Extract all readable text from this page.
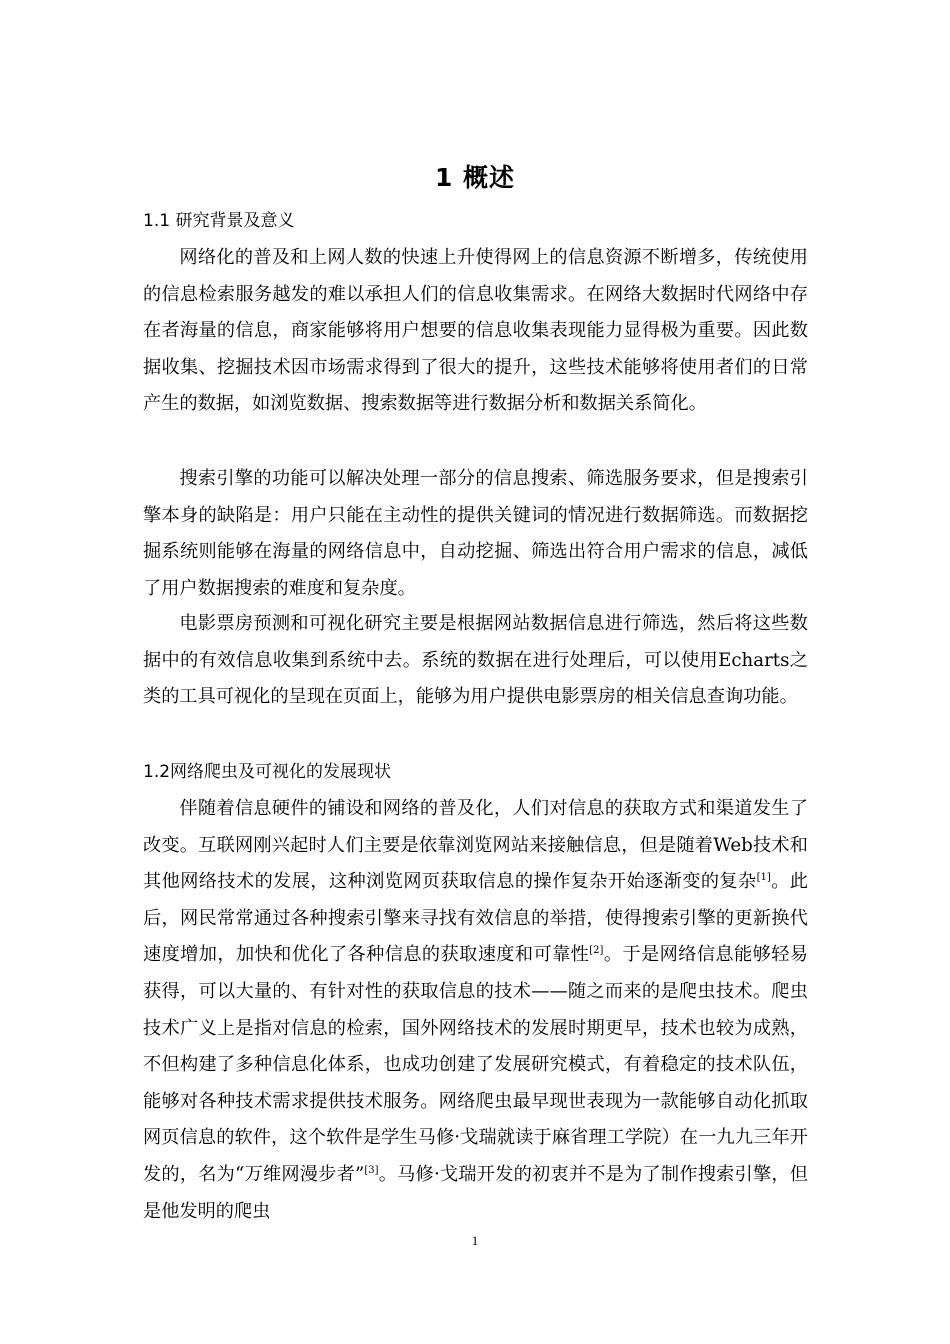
1 概述
1.1 研究背景及意义

网络化的普及和上网人数的快速上升使得网上的信息资源不断增多，传统使用的信息检索服务越发的难以承担人们的信息收集需求。在网络大数据时代网络中存在者海量的信息，商家能够将用户想要的信息收集表现能力显得极为重要。因此数据收集、挖掘技术因市场需求得到了很大的提升，这些技术能够将使用者们的日常产生的数据，如浏览数据、搜索数据等进行数据分析和数据关系简化。

搜索引擎的功能可以解决处理一部分的信息搜索、筛选服务要求，但是搜索引擎本身的缺陷是：用户只能在主动性的提供关键词的情况进行数据筛选。而数据挖掘系统则能够在海量的网络信息中，自动挖掘、筛选出符合用户需求的信息，减低了用户数据搜索的难度和复杂度。

电影票房预测和可视化研究主要是根据网站数据信息进行筛选，然后将这些数据中的有效信息收集到系统中去。系统的数据在进行处理后，可以使用Echarts之类的工具可视化的呈现在页面上，能够为用户提供电影票房的相关信息查询功能。

1.2网络爬虫及可视化的发展现状

伴随着信息硬件的铺设和网络的普及化，人们对信息的获取方式和渠道发生了改变。互联网刚兴起时人们主要是依靠浏览网站来接触信息，但是随着Web技术和其他网络技术的发展，这种浏览网页获取信息的操作复杂开始逐渐变的复杂[1]。此后，网民常常通过各种搜索引擎来寻找有效信息的举措，使得搜索引擎的更新换代速度增加，加快和优化了各种信息的获取速度和可靠性[2]。于是网络信息能够轻易获得，可以大量的、有针对性的获取信息的技术——随之而来的是爬虫技术。爬虫技术广义上是指对信息的检索，国外网络技术的发展时期更早，技术也较为成熟，不但构建了多种信息化体系，也成功创建了发展研究模式，有着稳定的技术队伍，能够对各种技术需求提供技术服务。网络爬虫最早现世表现为一款能够自动化抓取网页信息的软件，这个软件是学生马修·戈瑞就读于麻省理工学院）在一九九三年开发的，名为“万维网漫步者”[3]。马修·戈瑞开发的初衷并不是为了制作搜索引擎，但是他发明的爬虫

1
